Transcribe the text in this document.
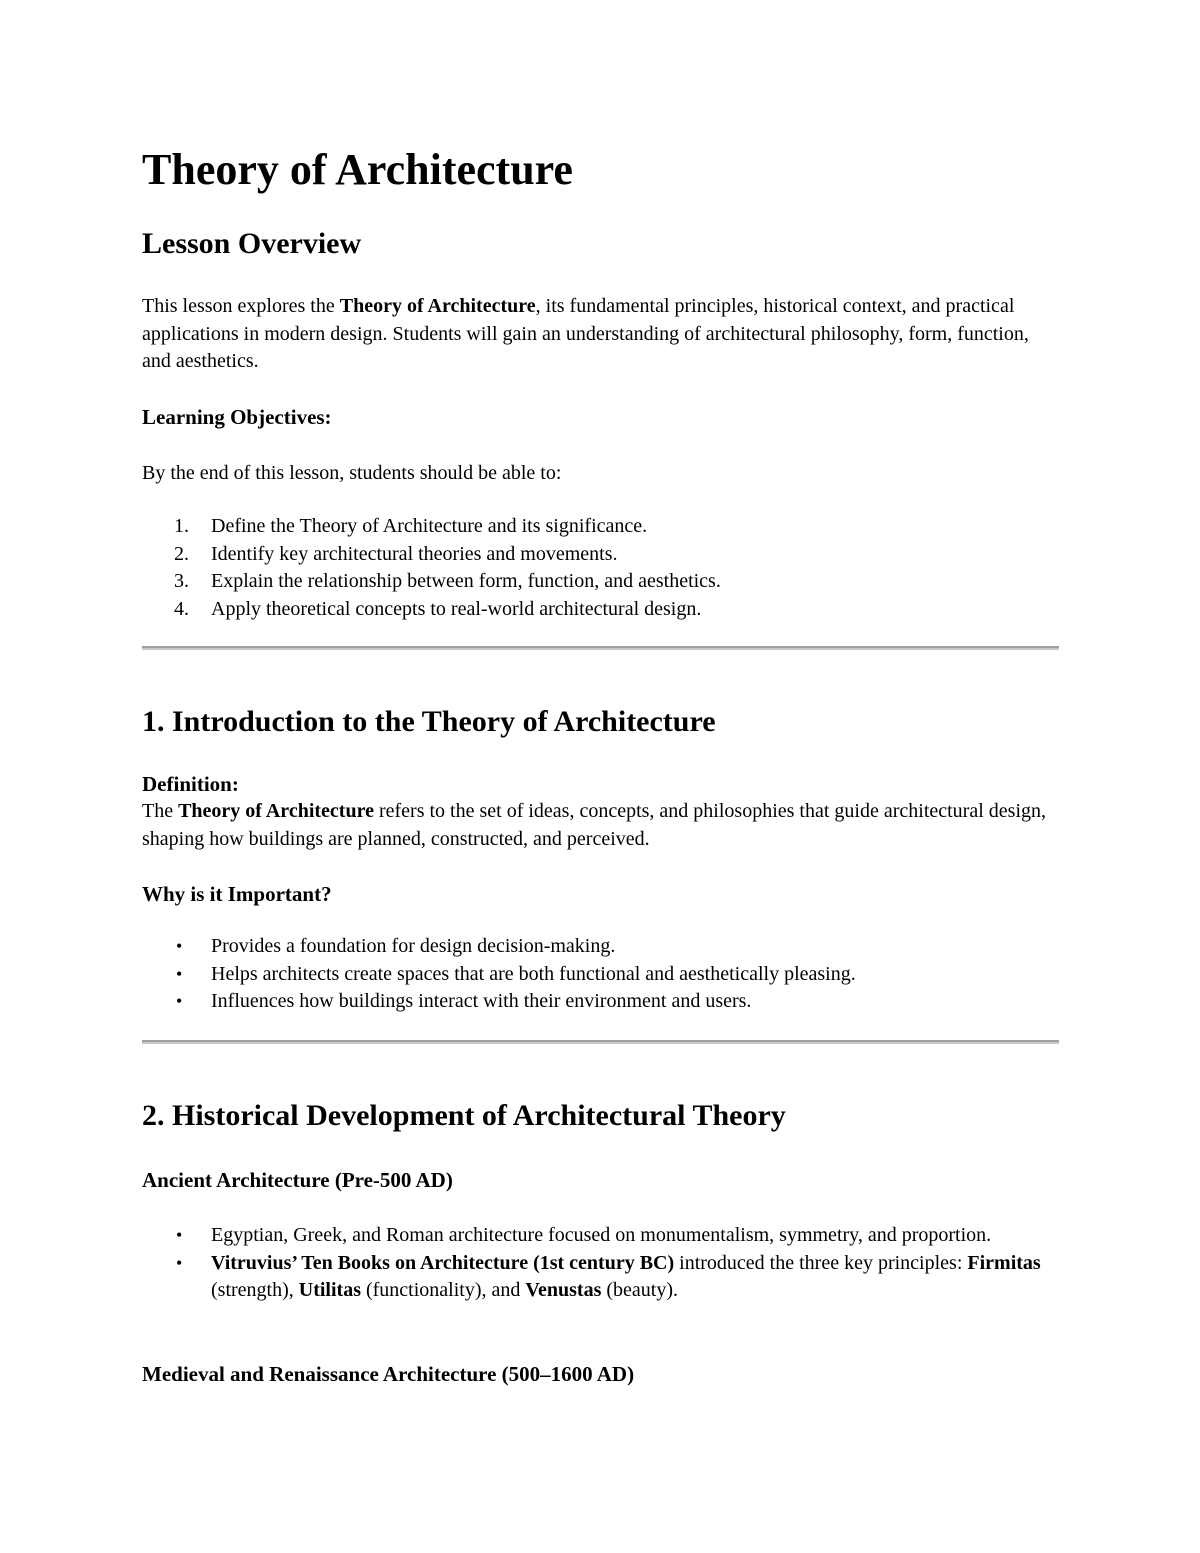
Theory of Architecture
Lesson Overview

This lesson explores the Theory of Architecture, its fundamental principles, historical context, and practical applications in modern design. Students will gain an understanding of architectural philosophy, form, function, and aesthetics.

Learning Objectives:

By the end of this lesson, students should be able to:

1. Define the Theory of Architecture and its significance.
2. Identify key architectural theories and movements.
3. Explain the relationship between form, function, and aesthetics.
4. Apply theoretical concepts to real-world architectural design.
1. Introduction to the Theory of Architecture
Definition:

The Theory of Architecture refers to the set of ideas, concepts, and philosophies that guide architectural design, shaping how buildings are planned, constructed, and perceived.

Why is it Important?
• Provides a foundation for design decision-making.
• Helps architects create spaces that are both functional and aesthetically pleasing.
• Influences how buildings interact with their environment and users.
2. Historical Development of Architectural Theory
Ancient Architecture (Pre-500 AD)
• Egyptian, Greek, and Roman architecture focused on monumentalism, symmetry, and proportion.
• Vitruvius’ Ten Books on Architecture (1st century BC) introduced the three key principles: Firmitas (strength), Utilitas (functionality), and Venustas (beauty).
Medieval and Renaissance Architecture (500–1600 AD)
